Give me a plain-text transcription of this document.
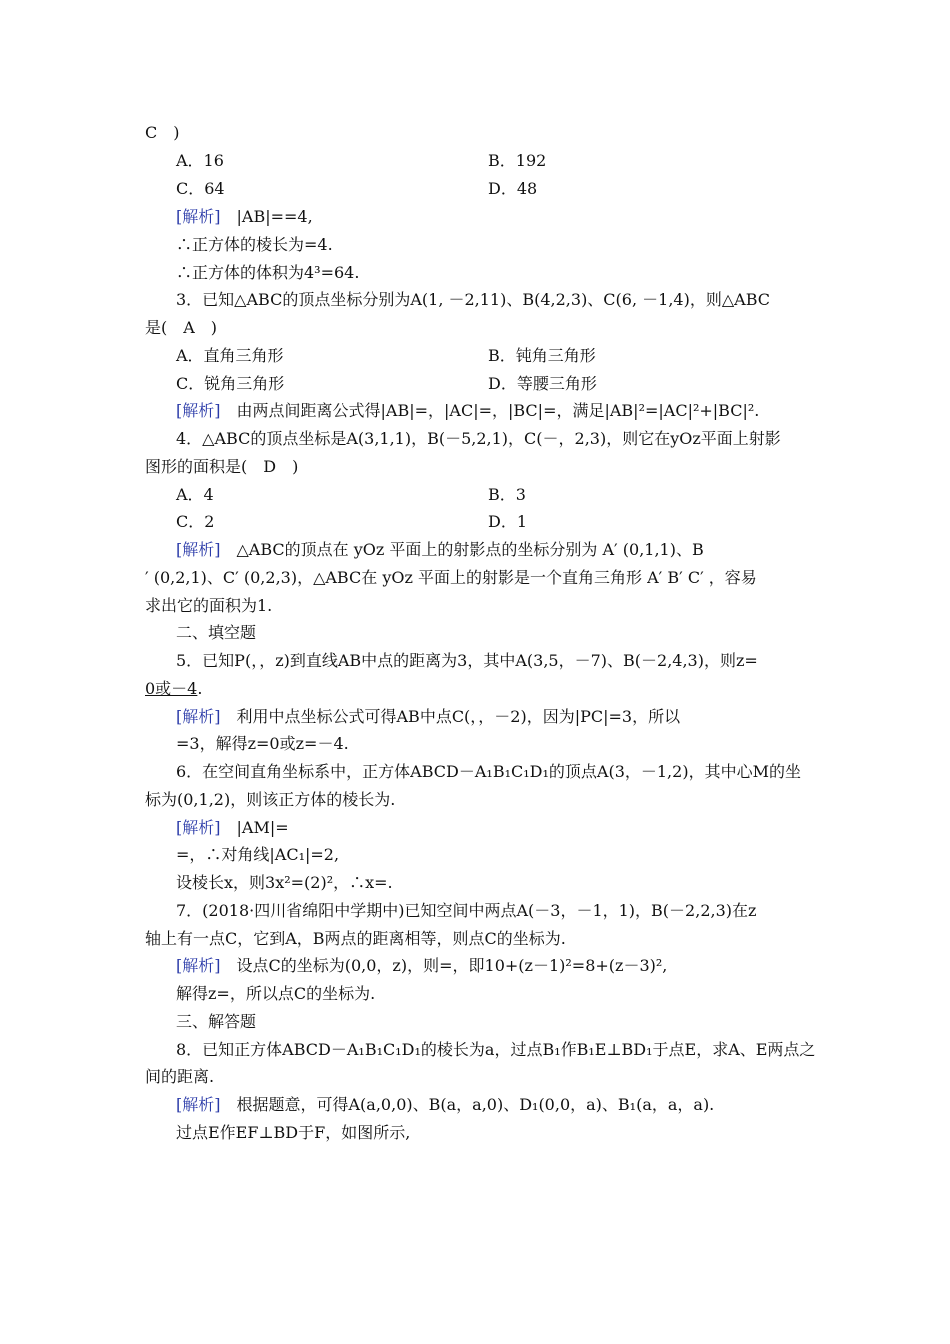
C　)
A．16	B．192
C．64	D．48
[解析]　|AB|==4,
∴正方体的棱长为=4.
∴正方体的体积为4³=64.
3．已知△ABC的顶点坐标分别为A(1, －2,11)、B(4,2,3)、C(6, －1,4)，则△ABC
是(　A　)
A．直角三角形	B．钝角三角形
C．锐角三角形	D．等腰三角形
[解析]　由两点间距离公式得|AB|=，|AC|=，|BC|=，满足|AB|²=|AC|²+|BC|².
4．△ABC的顶点坐标是A(3,1,1)，B(－5,2,1)，C(－，2,3)，则它在yOz平面上射影
图形的面积是(　D　)
A．4	B．3
C．2	D．1
[解析]　△ABC的顶点在 yOz 平面上的射影点的坐标分别为 A′ (0,1,1)、B
′ (0,2,1)、C′ (0,2,3)，△ABC在 yOz 平面上的射影是一个直角三角形 A′ B′ C′ ，容易
求出它的面积为1.
二、填空题
5．已知P(，，z)到直线AB中点的距离为3，其中A(3,5，－7)、B(－2,4,3)，则z=
0或－4.
[解析]　利用中点坐标公式可得AB中点C(，，－2)，因为|PC|=3，所以
=3，解得z=0或z=－4.
6．在空间直角坐标系中，正方体ABCD－A₁B₁C₁D₁的顶点A(3，－1,2)，其中心M的坐
标为(0,1,2)，则该正方体的棱长为.
[解析]　|AM|=
=，∴对角线|AC₁|=2,
设棱长x，则3x²=(2)²，∴x=.
7．(2018·四川省绵阳中学期中)已知空间中两点A(－3，－1，1)，B(－2,2,3)在z
轴上有一点C，它到A，B两点的距离相等，则点C的坐标为.
[解析]　设点C的坐标为(0,0，z)，则=，即10+(z－1)²=8+(z－3)²,
解得z=，所以点C的坐标为.
三、解答题
8．已知正方体ABCD－A₁B₁C₁D₁的棱长为a，过点B₁作B₁E⊥BD₁于点E，求A、E两点之
间的距离.
[解析]　根据题意，可得A(a,0,0)、B(a，a,0)、D₁(0,0，a)、B₁(a，a，a).
过点E作EF⊥BD于F，如图所示,
